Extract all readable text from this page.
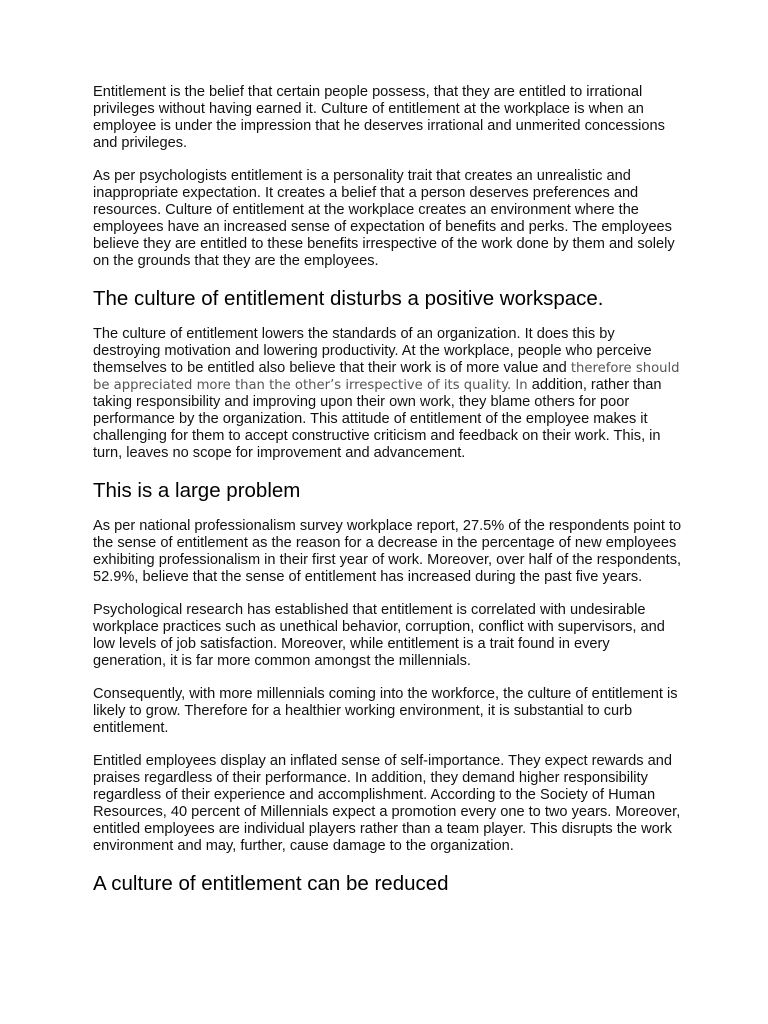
Entitlement is the belief that certain people possess, that they are entitled to irrational privileges without having earned it. Culture of entitlement at the workplace is when an employee is under the impression that he deserves irrational and unmerited concessions and privileges.

As per psychologists entitlement is a personality trait that creates an unrealistic and inappropriate expectation. It creates a belief that a person deserves preferences and resources. Culture of entitlement at the workplace creates an environment where the employees have an increased sense of expectation of benefits and perks. The employees believe they are entitled to these benefits irrespective of the work done by them and solely on the grounds that they are the employees.

The culture of entitlement disturbs a positive workspace.

The culture of entitlement lowers the standards of an organization. It does this by destroying motivation and lowering productivity. At the workplace, people who perceive themselves to be entitled also believe that their work is of more value and therefore should be appreciated more than the other’s irrespective of its quality. In addition, rather than taking responsibility and improving upon their own work, they blame others for poor performance by the organization. This attitude of entitlement of the employee makes it challenging for them to accept constructive criticism and feedback on their work. This, in turn, leaves no scope for improvement and advancement.

This is a large problem

As per national professionalism survey workplace report, 27.5% of the respondents point to the sense of entitlement as the reason for a decrease in the percentage of new employees exhibiting professionalism in their first year of work. Moreover, over half of the respondents, 52.9%, believe that the sense of entitlement has increased during the past five years.

Psychological research has established that entitlement is correlated with undesirable workplace practices such as unethical behavior, corruption, conflict with supervisors, and low levels of job satisfaction. Moreover, while entitlement is a trait found in every generation, it is far more common amongst the millennials.

Consequently, with more millennials coming into the workforce, the culture of entitlement is likely to grow. Therefore for a healthier working environment, it is substantial to curb entitlement.

Entitled employees display an inflated sense of self-importance. They expect rewards and praises regardless of their performance. In addition, they demand higher responsibility regardless of their experience and accomplishment. According to the Society of Human Resources, 40 percent of Millennials expect a promotion every one to two years. Moreover, entitled employees are individual players rather than a team player. This disrupts the work environment and may, further, cause damage to the organization.

A culture of entitlement can be reduced
